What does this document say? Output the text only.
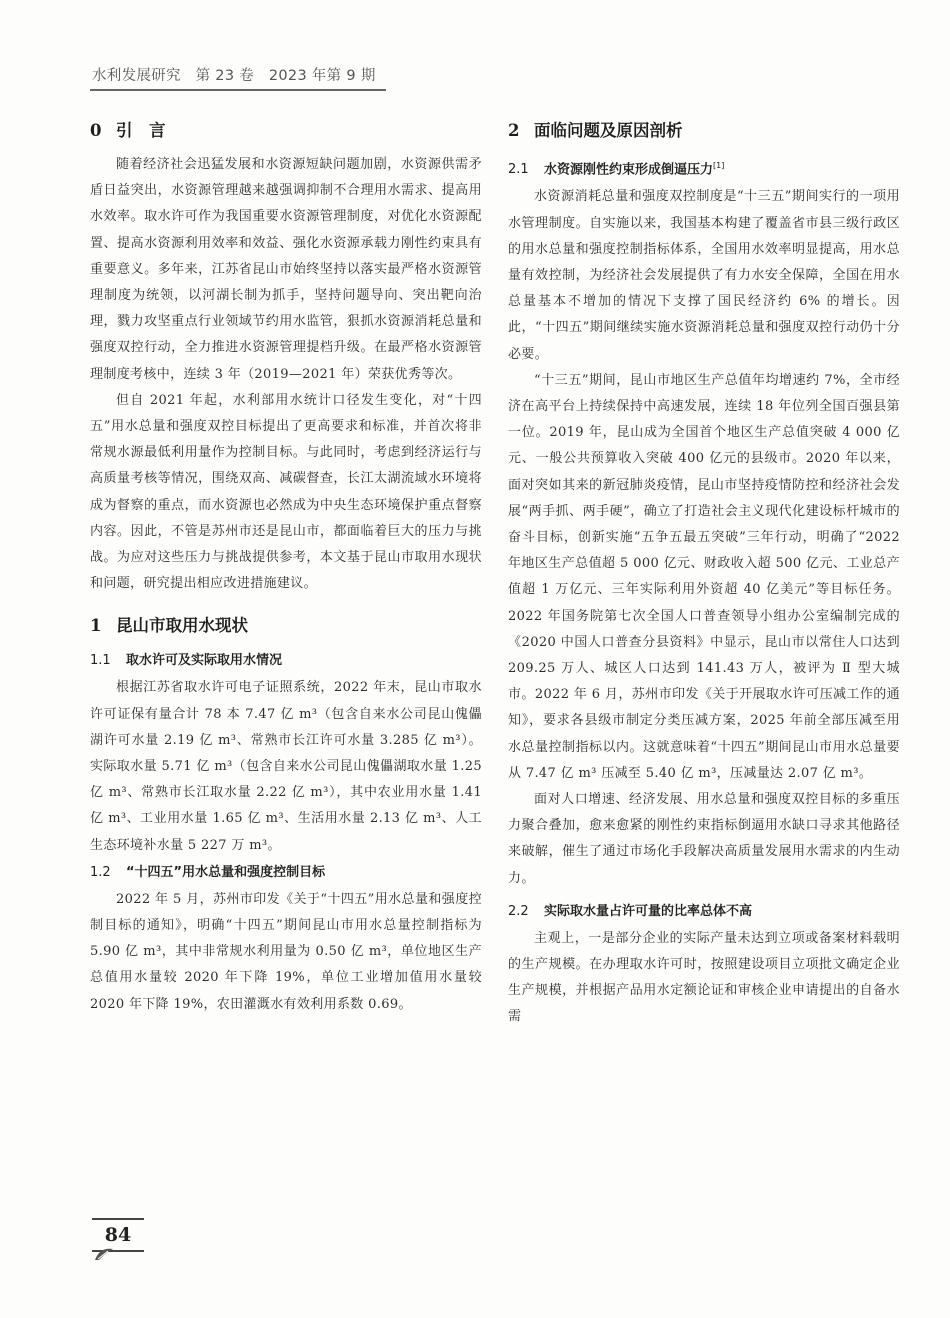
水利发展研究　第 23 卷　2023 年第 9 期
0 引　言

随着经济社会迅猛发展和水资源短缺问题加剧，水资源供需矛盾日益突出，水资源管理越来越强调抑制不合理用水需求、提高用水效率。取水许可作为我国重要水资源管理制度，对优化水资源配置、提高水资源利用效率和效益、强化水资源承载力刚性约束具有重要意义。多年来，江苏省昆山市始终坚持以落实最严格水资源管理制度为统领，以河湖长制为抓手，坚持问题导向、突出靶向治理，戮力攻坚重点行业领域节约用水监管，狠抓水资源消耗总量和强度双控行动，全力推进水资源管理提档升级。在最严格水资源管理制度考核中，连续 3 年（2019—2021 年）荣获优秀等次。

但自 2021 年起，水利部用水统计口径发生变化，对“十四五”用水总量和强度双控目标提出了更高要求和标准，并首次将非常规水源最低利用量作为控制目标。与此同时，考虑到经济运行与高质量考核等情况，围绕双高、减碳督查，长江太湖流域水环境将成为督察的重点，而水资源也必然成为中央生态环境保护重点督察内容。因此，不管是苏州市还是昆山市，都面临着巨大的压力与挑战。为应对这些压力与挑战提供参考，本文基于昆山市取用水现状和问题，研究提出相应改进措施建议。

1 昆山市取用水现状
1.1 取水许可及实际取用水情况

根据江苏省取水许可电子证照系统，2022 年末，昆山市取水许可证保有量合计 78 本 7.47 亿 m³（包含自来水公司昆山傀儡湖许可水量 2.19 亿 m³、常熟市长江许可水量 3.285 亿 m³）。实际取水量 5.71 亿 m³（包含自来水公司昆山傀儡湖取水量 1.25 亿 m³、常熟市长江取水量 2.22 亿 m³），其中农业用水量 1.41 亿 m³、工业用水量 1.65 亿 m³、生活用水量 2.13 亿 m³、人工生态环境补水量 5 227 万 m³。

1.2 “十四五”用水总量和强度控制目标

2022 年 5 月，苏州市印发《关于“十四五”用水总量和强度控制目标的通知》，明确“十四五”期间昆山市用水总量控制指标为 5.90 亿 m³，其中非常规水利用量为 0.50 亿 m³，单位地区生产总值用水量较 2020 年下降 19%，单位工业增加值用水量较 2020 年下降 19%，农田灌溉水有效利用系数 0.69。

2 面临问题及原因剖析
2.1 水资源刚性约束形成倒逼压力[1]

水资源消耗总量和强度双控制度是“十三五”期间实行的一项用水管理制度。自实施以来，我国基本构建了覆盖省市县三级行政区的用水总量和强度控制指标体系，全国用水效率明显提高，用水总量有效控制，为经济社会发展提供了有力水安全保障，全国在用水总量基本不增加的情况下支撑了国民经济约 6% 的增长。因此，“十四五”期间继续实施水资源消耗总量和强度双控行动仍十分必要。

“十三五”期间，昆山市地区生产总值年均增速约 7%，全市经济在高平台上持续保持中高速发展，连续 18 年位列全国百强县第一位。2019 年，昆山成为全国首个地区生产总值突破 4 000 亿元、一般公共预算收入突破 400 亿元的县级市。2020 年以来，面对突如其来的新冠肺炎疫情，昆山市坚持疫情防控和经济社会发展“两手抓、两手硬”，确立了打造社会主义现代化建设标杆城市的奋斗目标，创新实施“五争五最五突破”三年行动，明确了“2022 年地区生产总值超 5 000 亿元、财政收入超 500 亿元、工业总产值超 1 万亿元、三年实际利用外资超 40 亿美元”等目标任务。2022 年国务院第七次全国人口普查领导小组办公室编制完成的《2020 中国人口普查分县资料》中显示，昆山市以常住人口达到 209.25 万人、城区人口达到 141.43 万人，被评为 Ⅱ 型大城市。2022 年 6 月，苏州市印发《关于开展取水许可压减工作的通知》，要求各县级市制定分类压减方案，2025 年前全部压减至用水总量控制指标以内。这就意味着“十四五”期间昆山市用水总量要从 7.47 亿 m³ 压减至 5.40 亿 m³，压减量达 2.07 亿 m³。

面对人口增速、经济发展、用水总量和强度双控目标的多重压力聚合叠加，愈来愈紧的刚性约束指标倒逼用水缺口寻求其他路径来破解，催生了通过市场化手段解决高质量发展用水需求的内生动力。

2.2 实际取水量占许可量的比率总体不高

主观上，一是部分企业的实际产量未达到立项或备案材料载明的生产规模。在办理取水许可时，按照建设项目立项批文确定企业生产规模，并根据产品用水定额论证和审核企业申请提出的自备水需

84
